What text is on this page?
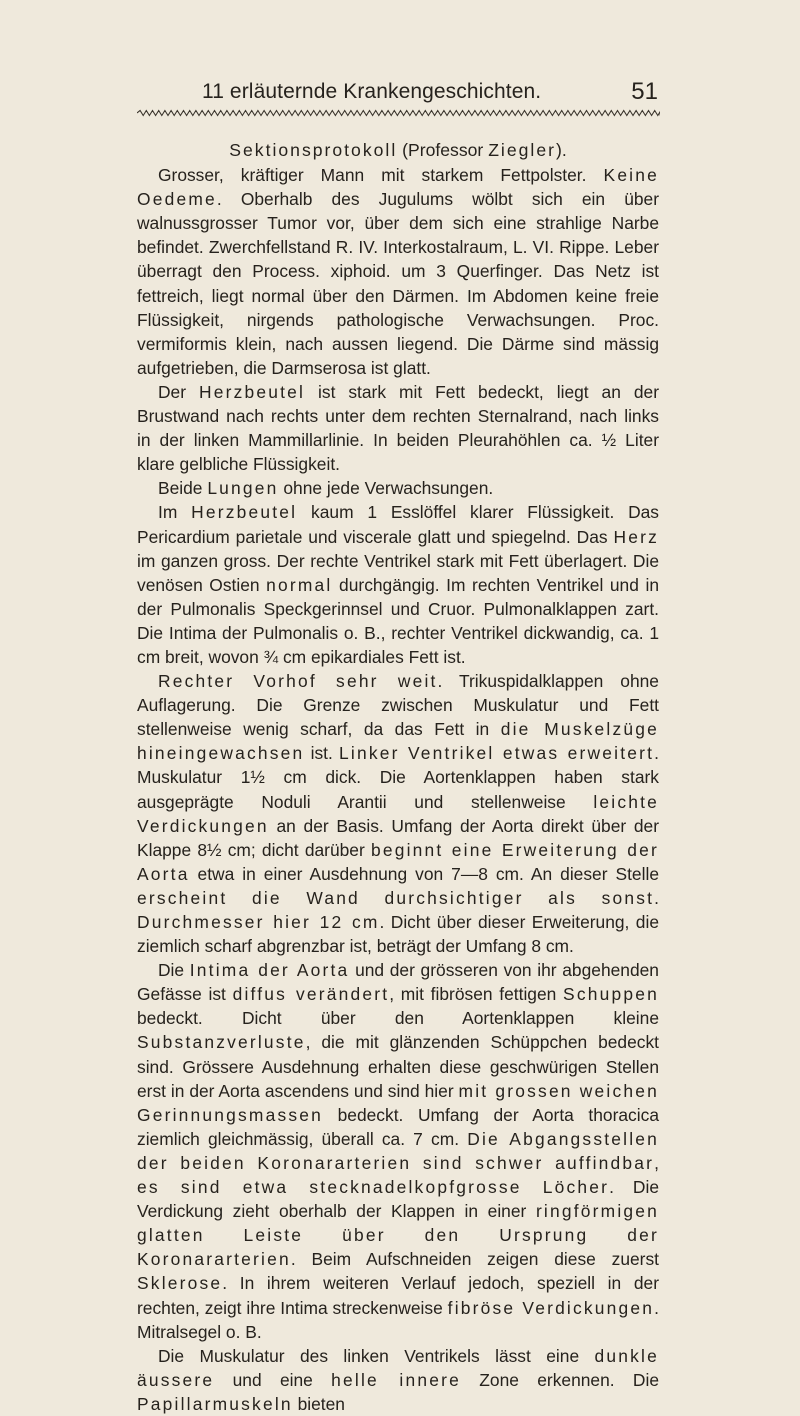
11 erläuternde Krankengeschichten.	51
Sektionsprotokoll (Professor Ziegler).

Grosser, kräftiger Mann mit starkem Fettpolster. Keine Oedeme. Oberhalb des Jugulums wölbt sich ein über walnussgrosser Tumor vor, über dem sich eine strahlige Narbe befindet. Zwerchfellstand R. IV. Interkostalraum, L. VI. Rippe. Leber überragt den Process. xiphoid. um 3 Querfinger. Das Netz ist fettreich, liegt normal über den Därmen. Im Abdomen keine freie Flüssigkeit, nirgends pathologische Verwachsungen. Proc. vermiformis klein, nach aussen liegend. Die Därme sind mässig aufgetrieben, die Darmserosa ist glatt.

Der Herzbeutel ist stark mit Fett bedeckt, liegt an der Brustwand nach rechts unter dem rechten Sternalrand, nach links in der linken Mammillarlinie. In beiden Pleurahöhlen ca. ½ Liter klare gelbliche Flüssigkeit.

Beide Lungen ohne jede Verwachsungen.

Im Herzbeutel kaum 1 Esslöffel klarer Flüssigkeit. Das Pericardium parietale und viscerale glatt und spiegelnd. Das Herz im ganzen gross. Der rechte Ventrikel stark mit Fett überlagert. Die venösen Ostien normal durchgängig. Im rechten Ventrikel und in der Pulmonalis Speckgerinnsel und Cruor. Pulmonalklappen zart. Die Intima der Pulmonalis o. B., rechter Ventrikel dickwandig, ca. 1 cm breit, wovon ¾ cm epikardiales Fett ist.

Rechter Vorhof sehr weit. Trikuspidalklappen ohne Auflagerung. Die Grenze zwischen Muskulatur und Fett stellenweise wenig scharf, da das Fett in die Muskelzüge hineingewachsen ist. Linker Ventrikel etwas erweitert. Muskulatur 1½ cm dick. Die Aortenklappen haben stark ausgeprägte Noduli Arantii und stellenweise leichte Verdickungen an der Basis. Umfang der Aorta direkt über der Klappe 8½ cm; dicht darüber beginnt eine Erweiterung der Aorta etwa in einer Ausdehnung von 7—8 cm. An dieser Stelle erscheint die Wand durchsichtiger als sonst. Durchmesser hier 12 cm. Dicht über dieser Erweiterung, die ziemlich scharf abgrenzbar ist, beträgt der Umfang 8 cm.

Die Intima der Aorta und der grösseren von ihr abgehenden Gefässe ist diffus verändert, mit fibrösen fettigen Schuppen bedeckt. Dicht über den Aortenklappen kleine Substanzverluste, die mit glänzenden Schüppchen bedeckt sind. Grössere Ausdehnung erhalten diese geschwürigen Stellen erst in der Aorta ascendens und sind hier mit grossen weichen Gerinnungsmassen bedeckt. Umfang der Aorta thoracica ziemlich gleichmässig, überall ca. 7 cm. Die Abgangsstellen der beiden Koronararterien sind schwer auffindbar, es sind etwa stecknadelkopfgrosse Löcher. Die Verdickung zieht oberhalb der Klappen in einer ringförmigen glatten Leiste über den Ursprung der Koronararterien. Beim Aufschneiden zeigen diese zuerst Sklerose. In ihrem weiteren Verlauf jedoch, speziell in der rechten, zeigt ihre Intima streckenweise fibröse Verdickungen. Mitralsegel o. B.

Die Muskulatur des linken Ventrikels lässt eine dunkle äussere und eine helle innere Zone erkennen. Die Papillarmuskeln bieten
